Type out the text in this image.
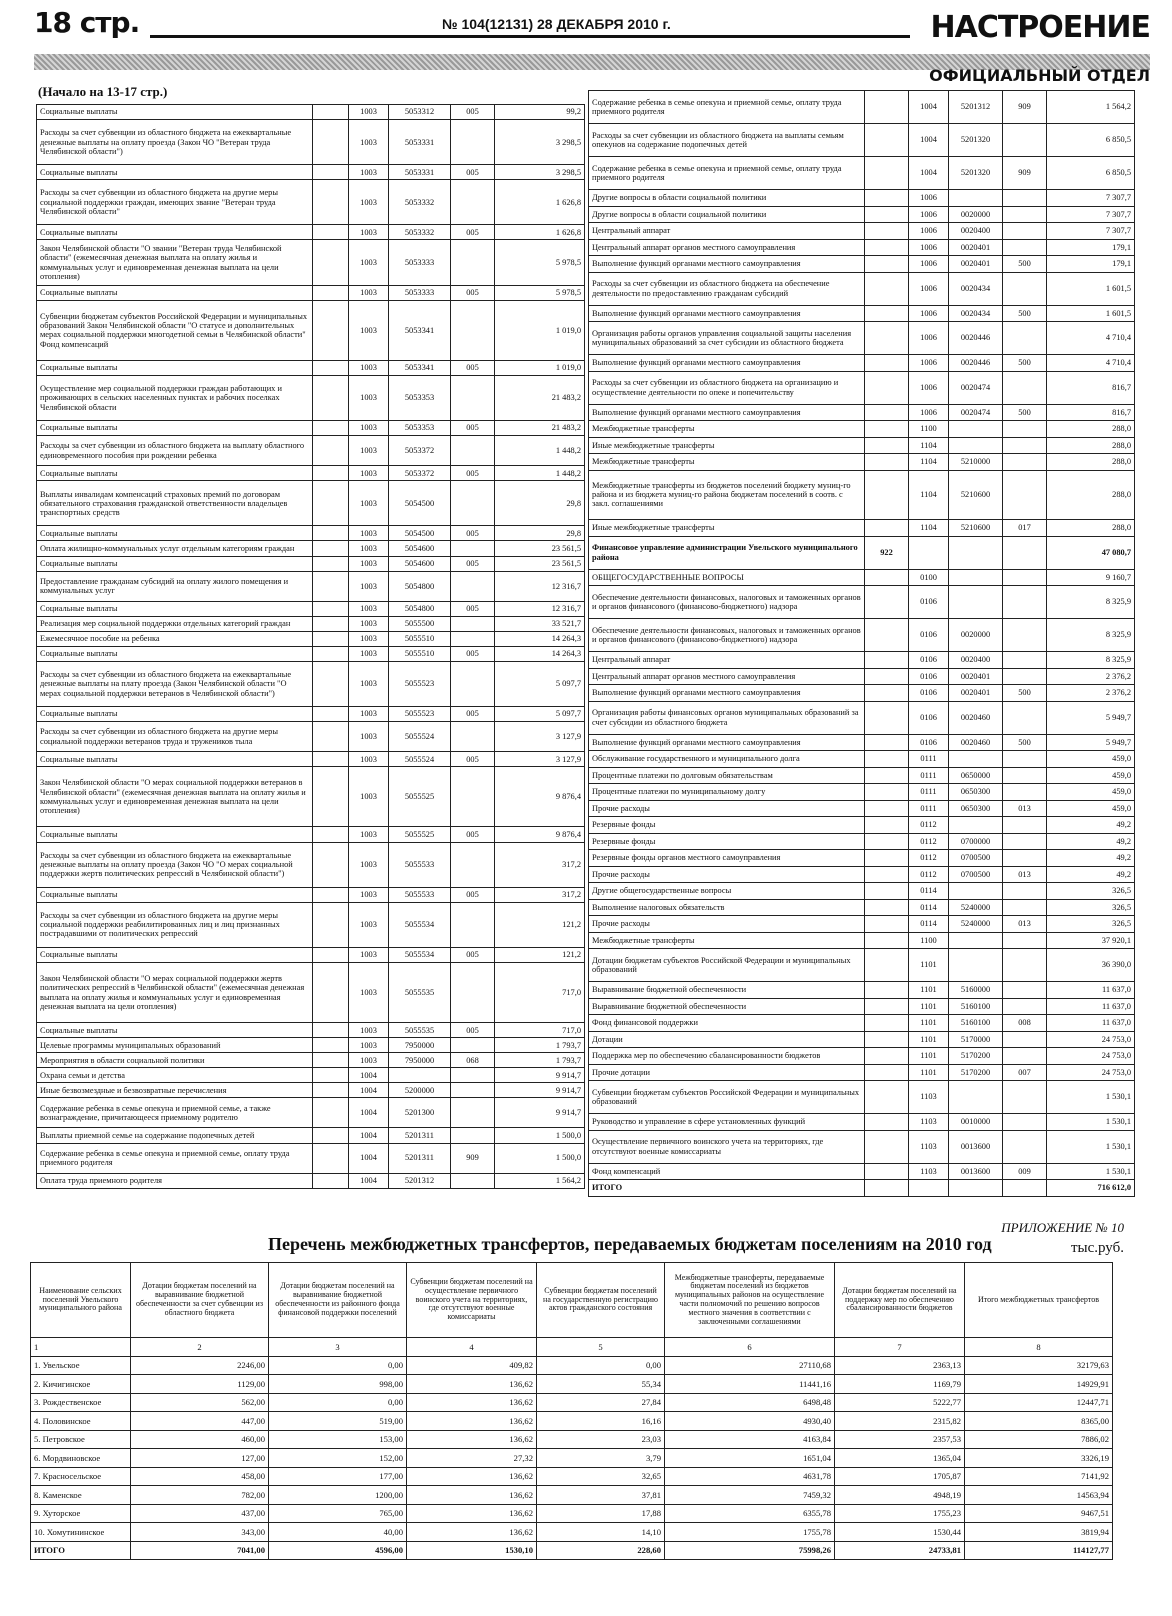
18 стр.	№ 104(12131) 28 ДЕКАБРЯ 2010 г.	НАСТРОЕНИЕ
ОФИЦИАЛЬНЫЙ ОТДЕЛ
(Начало на 13-17 стр.)
Социальные выплаты		1003	5053312	005	99,2
Расходы за счет субвенции из областного бюджета на ежеквартальные денежные выплаты на оплату проезда (Закон ЧО "Ветеран труда Челябинской области")		1003	5053331		3 298,5
Социальные выплаты		1003	5053331	005	3 298,5
Расходы за счет субвенции из областного бюджета на другие меры социальной поддержки граждан, имеющих звание "Ветеран труда Челябинской области"		1003	5053332		1 626,8
Социальные выплаты		1003	5053332	005	1 626,8
Закон Челябинской области "О звании "Ветеран труда Челябинской области" (ежемесячная денежная выплата на оплату жилья и коммунальных услуг и единовременная денежная выплата на цели отопления)		1003	5053333		5 978,5
Социальные выплаты		1003	5053333	005	5 978,5
Субвенции бюджетам субъектов Российской Федерации и муниципальных образований Закон Челябинской области "О статусе и дополнительных мерах социальной поддержки многодетной семьи в Челябинской области" Фонд компенсаций		1003	5053341		1 019,0
Социальные выплаты		1003	5053341	005	1 019,0
Осуществление мер социальной поддержки граждан работающих и проживающих в сельских населенных пунктах и рабочих поселках Челябинской области		1003	5053353		21 483,2
Социальные выплаты		1003	5053353	005	21 483,2
Расходы за счет субвенции из областного бюджета на выплату областного единовременного пособия при рождении ребенка		1003	5053372		1 448,2
Социальные выплаты		1003	5053372	005	1 448,2
Выплаты инвалидам компенсаций страховых премий по договорам обязательного страхования гражданской ответственности владельцев транспортных средств		1003	5054500		29,8
Социальные выплаты		1003	5054500	005	29,8
Оплата жилищно-коммунальных услуг отдельным категориям граждан		1003	5054600		23 561,5
Социальные выплаты		1003	5054600	005	23 561,5
Предоставление гражданам субсидий на оплату жилого помещения и коммунальных услуг		1003	5054800		12 316,7
Социальные выплаты		1003	5054800	005	12 316,7
Реализация мер социальной поддержки отдельных категорий граждан		1003	5055500		33 521,7
Ежемесячное пособие на ребенка		1003	5055510		14 264,3
Социальные выплаты		1003	5055510	005	14 264,3
Расходы за счет субвенции из областного бюджета на ежеквартальные денежные выплаты на плату проезда (Закон Челябинской области "О мерах социальной поддержки ветеранов в Челябинской области")		1003	5055523		5 097,7
Социальные выплаты		1003	5055523	005	5 097,7
Расходы за счет субвенции из областного бюджета на другие меры социальной поддержки ветеранов труда и тружеников тыла		1003	5055524		3 127,9
Социальные выплаты		1003	5055524	005	3 127,9
Закон Челябинской области "О мерах социальной поддержки ветеранов в Челябинской области" (ежемесячная денежная выплата на оплату жилья и коммунальных услуг и единовременная денежная выплата на цели отопления)		1003	5055525		9 876,4
Социальные выплаты		1003	5055525	005	9 876,4
Расходы за счет субвенции из областного бюджета на ежеквартальные денежные выплаты на оплату проезда (Закон ЧО "О мерах социальной поддержки жертв политических репрессий в Челябинской области")		1003	5055533		317,2
Социальные выплаты		1003	5055533	005	317,2
Расходы за счет субвенции из областного бюджета на другие меры социальной поддержки реабилитированных лиц и лиц признанных пострадавшими от политических репрессий		1003	5055534		121,2
Социальные выплаты		1003	5055534	005	121,2
Закон Челябинской области "О мерах социальной поддержки жертв политических репрессий в Челябинской области" (ежемесячная денежная выплата на оплату жилья и коммунальных услуг и единовременная денежная выплата на цели отопления)		1003	5055535		717,0
Социальные выплаты		1003	5055535	005	717,0
Целевые программы муниципальных образований		1003	7950000		1 793,7
Мероприятия в области социальной политики		1003	7950000	068	1 793,7
Охрана семьи и детства		1004			9 914,7
Иные безвозмездные и безвозвратные перечисления		1004	5200000		9 914,7
Содержание ребенка в семье опекуна и приемной семье, а также вознаграждение, причитающееся приемному родителю		1004	5201300		9 914,7
Выплаты приемной семье на содержание подопечных детей		1004	5201311		1 500,0
Содержание ребенка в семье опекуна и приемной семье, оплату труда приемного родителя		1004	5201311	909	1 500,0
Оплата труда приемного родителя		1004	5201312		1 564,2
Содержание ребенка в семье опекуна и приемной семье, оплату труда приемного родителя		1004	5201312	909	1 564,2
Расходы за счет субвенции из областного бюджета на выплаты семьям опекунов на содержание подопечных детей		1004	5201320		6 850,5
Содержание ребенка в семье опекуна и приемной семье, оплату труда приемного родителя		1004	5201320	909	6 850,5
Другие вопросы в области социальной политики		1006			7 307,7
Другие вопросы в области социальной политики		1006	0020000		7 307,7
Центральный аппарат		1006	0020400		7 307,7
Центральный аппарат органов местного самоуправления		1006	0020401		179,1
Выполнение функций органами местного самоуправления		1006	0020401	500	179,1
Расходы за счет субвенции из областного бюджета на обеспечение деятельности по предоставлению гражданам субсидий		1006	0020434		1 601,5
Выполнение функций органами местного самоуправления		1006	0020434	500	1 601,5
Организация работы органов управления социальной защиты населения муниципальных образований за счет субсидии из областного бюджета		1006	0020446		4 710,4
Выполнение функций органами местного самоуправления		1006	0020446	500	4 710,4
Расходы за счет субвенции из областного бюджета на организацию и осуществление деятельности по опеке и попечительству		1006	0020474		816,7
Выполнение функций органами местного самоуправления		1006	0020474	500	816,7
Межбюджетные трансферты		1100			288,0
Иные межбюджетные трансферты		1104			288,0
Межбюджетные трансферты		1104	5210000		288,0
Межбюджетные трансферты из бюджетов поселений бюджету муниц-го района и из бюджета муниц-го района бюджетам поселений в соотв. с закл. соглашениями		1104	5210600		288,0
Иные межбюджетные трансферты		1104	5210600	017	288,0
Финансовое управление администрации Увельского муниципального района	922				47 080,7
ОБЩЕГОСУДАРСТВЕННЫЕ ВОПРОСЫ		0100			9 160,7
Обеспечение деятельности финансовых, налоговых и таможенных органов и органов финансового (финансово-бюджетного) надзора		0106			8 325,9
Обеспечение деятельности финансовых, налоговых и таможенных органов и органов финансового (финансово-бюджетного) надзора		0106	0020000		8 325,9
Центральный аппарат		0106	0020400		8 325,9
Центральный аппарат органов местного самоуправления		0106	0020401		2 376,2
Выполнение функций органами местного самоуправления		0106	0020401	500	2 376,2
Организация работы финансовых органов муниципальных образований за счет субсидии из областного бюджета		0106	0020460		5 949,7
Выполнение функций органами местного самоуправления		0106	0020460	500	5 949,7
Обслуживание государственного и муниципального долга		0111			459,0
Процентные платежи по долговым обязательствам		0111	0650000		459,0
Процентные платежи по муниципальному долгу		0111	0650300		459,0
Прочие расходы		0111	0650300	013	459,0
Резервные фонды		0112			49,2
Резервные фонды		0112	0700000		49,2
Резервные фонды органов местного самоуправления		0112	0700500		49,2
Прочие расходы		0112	0700500	013	49,2
Другие общегосударственные вопросы		0114			326,5
Выполнение налоговых обязательств		0114	5240000		326,5
Прочие расходы		0114	5240000	013	326,5
Межбюджетные трансферты		1100			37 920,1
Дотации бюджетам субъектов Российской Федерации и муниципальных образований		1101			36 390,0
Выравнивание бюджетной обеспеченности		1101	5160000		11 637,0
Выравнивание бюджетной обеспеченности		1101	5160100		11 637,0
Фонд финансовой поддержки		1101	5160100	008	11 637,0
Дотации		1101	5170000		24 753,0
Поддержка мер по обеспечению сбалансированности бюджетов		1101	5170200		24 753,0
Прочие дотации		1101	5170200	007	24 753,0
Субвенции бюджетам субъектов Российской Федерации и муниципальных образований		1103			1 530,1
Руководство и управление в сфере установленных функций		1103	0010000		1 530,1
Осуществление первичного воинского учета на территориях, где отсутствуют военные комиссариаты		1103	0013600		1 530,1
Фонд компенсаций		1103	0013600	009	1 530,1
ИТОГО					716 612,0
ПРИЛОЖЕНИЕ № 10
Перечень межбюджетных трансфертов, передаваемых бюджетам поселениям на 2010 год	тыс.руб.
Наименование сельских поселений Увельского муниципального района	Дотации бюджетам поселений на выравнивание бюджетной обеспеченности за счет субвенции из областного бюджета	Дотации бюджетам поселений на выравнивание бюджетной обеспеченности из районного фонда финансовой поддержки поселений	Субвенции бюджетам поселений на осуществление первичного воинского учета на территориях, где отсутствуют военные комиссариаты	Субвенции бюджетам поселений на государственную регистрацию актов гражданского состояния	Межбюджетные трансферты, передаваемые бюджетам поселений из бюджетов муниципальных районов на осуществление части полномочий по решению вопросов местного значения в соответствии с заключенными соглашениями	Дотации бюджетам поселений на поддержку мер по обеспечению сбалансированности бюджетов	Итого межбюджетных трансфертов
1	2	3	4	5	6	7	8
1. Увельское	2246,00	0,00	409,82	0,00	27110,68	2363,13	32179,63
2. Кичигинское	1129,00	998,00	136,62	55,34	11441,16	1169,79	14929,91
3. Рождественское	562,00	0,00	136,62	27,84	6498,48	5222,77	12447,71
4. Половинское	447,00	519,00	136,62	16,16	4930,40	2315,82	8365,00
5. Петровское	460,00	153,00	136,62	23,03	4163,84	2357,53	7886,02
6. Мордвиновское	127,00	152,00	27,32	3,79	1651,04	1365,04	3326,19
7. Красносельское	458,00	177,00	136,62	32,65	4631,78	1705,87	7141,92
8. Каменское	782,00	1200,00	136,62	37,81	7459,32	4948,19	14563,94
9. Хуторское	437,00	765,00	136,62	17,88	6355,78	1755,23	9467,51
10. Хомутининское	343,00	40,00	136,62	14,10	1755,78	1530,44	3819,94
ИТОГО	7041,00	4596,00	1530,10	228,60	75998,26	24733,81	114127,77
